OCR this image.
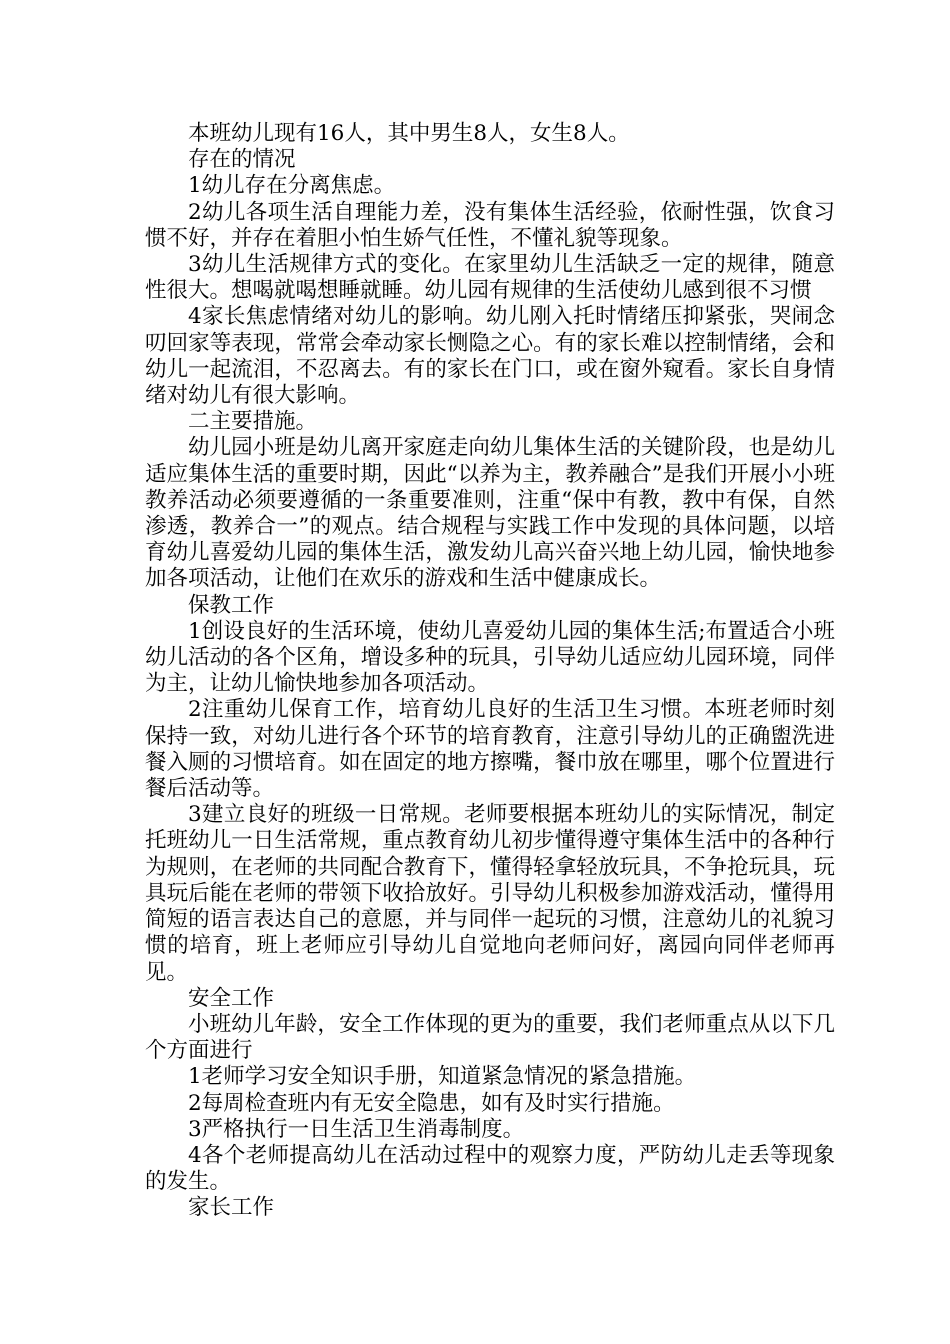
本班幼儿现有16人，其中男生8人，女生8人。

存在的情况

1幼儿存在分离焦虑。

2幼儿各项生活自理能力差，没有集体生活经验，依耐性强，饮食习惯不好，并存在着胆小怕生娇气任性，不懂礼貌等现象。

3幼儿生活规律方式的变化。在家里幼儿生活缺乏一定的规律，随意性很大。想喝就喝想睡就睡。幼儿园有规律的生活使幼儿感到很不习惯

4家长焦虑情绪对幼儿的影响。幼儿刚入托时情绪压抑紧张，哭闹念叨回家等表现，常常会牵动家长恻隐之心。有的家长难以控制情绪，会和幼儿一起流泪，不忍离去。有的家长在门口，或在窗外窥看。家长自身情绪对幼儿有很大影响。

二主要措施。

幼儿园小班是幼儿离开家庭走向幼儿集体生活的关键阶段，也是幼儿适应集体生活的重要时期，因此“以养为主，教养融合”是我们开展小小班教养活动必须要遵循的一条重要准则，注重“保中有教，教中有保，自然渗透，教养合一”的观点。结合规程与实践工作中发现的具体问题，以培育幼儿喜爱幼儿园的集体生活，激发幼儿高兴奋兴地上幼儿园，愉快地参加各项活动，让他们在欢乐的游戏和生活中健康成长。

保教工作

1创设良好的生活环境，使幼儿喜爱幼儿园的集体生活;布置适合小班幼儿活动的各个区角，增设多种的玩具，引导幼儿适应幼儿园环境，同伴为主，让幼儿愉快地参加各项活动。

2注重幼儿保育工作，培育幼儿良好的生活卫生习惯。本班老师时刻保持一致，对幼儿进行各个环节的培育教育，注意引导幼儿的正确盥洗进餐入厕的习惯培育。如在固定的地方擦嘴，餐巾放在哪里，哪个位置进行餐后活动等。

3建立良好的班级一日常规。老师要根据本班幼儿的实际情况，制定托班幼儿一日生活常规，重点教育幼儿初步懂得遵守集体生活中的各种行为规则，在老师的共同配合教育下，懂得轻拿轻放玩具，不争抢玩具，玩具玩后能在老师的带领下收拾放好。引导幼儿积极参加游戏活动，懂得用简短的语言表达自己的意愿，并与同伴一起玩的习惯，注意幼儿的礼貌习惯的培育，班上老师应引导幼儿自觉地向老师问好，离园向同伴老师再见。

安全工作

小班幼儿年龄，安全工作体现的更为的重要，我们老师重点从以下几个方面进行

1老师学习安全知识手册，知道紧急情况的紧急措施。

2每周检查班内有无安全隐患，如有及时实行措施。

3严格执行一日生活卫生消毒制度。

4各个老师提高幼儿在活动过程中的观察力度，严防幼儿走丢等现象的发生。

家长工作
